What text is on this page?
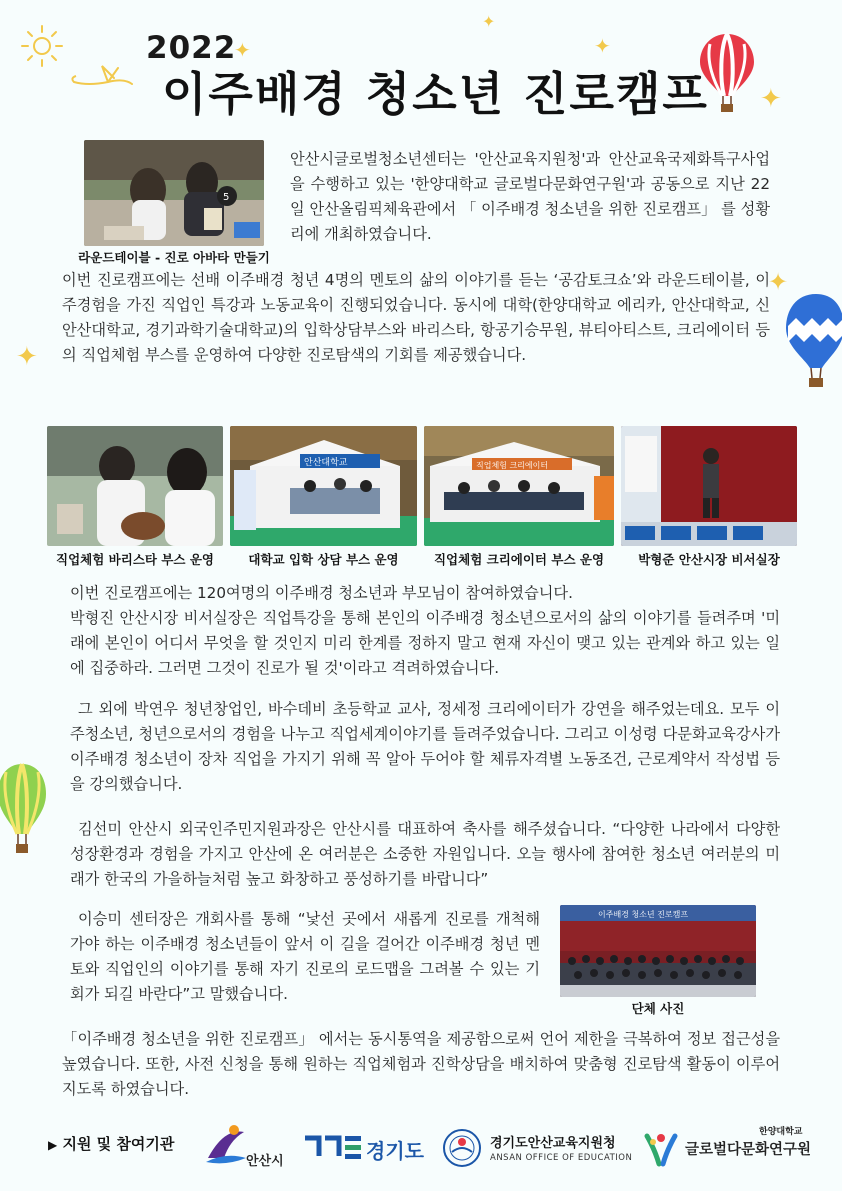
✦
✦
✦
✦
✦
✦
2022
이주배경 청소년 진로캠프
5
라운드테이블 - 진로 아바타 만들기
안산시글로벌청소년센터는 '안산교육지원청'과 안산교육국제화특구사업을 수행하고 있는 '한양대학교 글로벌다문화연구원'과 공동으로 지난 22일 안산올림픽체육관에서 「 이주배경 청소년을 위한 진로캠프」 를 성황리에 개최하였습니다.
이번 진로캠프에는 선배 이주배경 청년 4명의 멘토의 삶의 이야기를 듣는 ‘공감토크쇼’와 라운드테이블, 이주경험을 가진 직업인 특강과 노동교육이 진행되었습니다. 동시에 대학(한양대학교 에리카, 안산대학교, 신안산대학교, 경기과학기술대학교)의 입학상담부스와 바리스타, 항공기승무원, 뷰티아티스트, 크리에이터 등의 직업체험 부스를 운영하여 다양한 진로탐색의 기회를 제공했습니다.
안산대학교	직업체험 크리에이터
직업체험 바리스타 부스 운영	대학교 입학 상담 부스 운영	직업체험 크리에이터 부스 운영	박형준 안산시장 비서실장
이번 진로캠프에는 120여명의 이주배경 청소년과 부모님이 참여하였습니다.
박형진 안산시장 비서실장은 직업특강을 통해 본인의 이주배경 청소년으로서의 삶의 이야기를 들려주며 '미래에 본인이 어디서 무엇을 할 것인지 미리 한계를 정하지 말고 현재 자신이 맺고 있는 관계와 하고 있는 일에 집중하라. 그러면 그것이 진로가 될 것'이라고 격려하였습니다.
그 외에 박연우 청년창업인, 바수데비 초등학교 교사, 정세정 크리에이터가 강연을 해주었는데요. 모두 이주청소년, 청년으로서의 경험을 나누고 직업세계이야기를 들려주었습니다. 그리고 이성령 다문화교육강사가 이주배경 청소년이 장차 직업을 가지기 위해 꼭 알아 두어야 할 체류자격별 노동조건, 근로계약서 작성법 등을 강의했습니다.
김선미 안산시 외국인주민지원과장은 안산시를 대표하여 축사를 해주셨습니다. “다양한 나라에서 다양한 성장환경과 경험을 가지고 안산에 온 여러분은 소중한 자원입니다. 오늘 행사에 참여한 청소년 여러분의 미래가 한국의 가을하늘처럼 높고 화창하고 풍성하기를 바랍니다”
이승미 센터장은 개회사를 통해 “낯선 곳에서 새롭게 진로를 개척해 가야 하는 이주배경 청소년들이 앞서 이 길을 걸어간 이주배경 청년 멘토와 직업인의 이야기를 통해 자기 진로의 로드맵을 그려볼 수 있는 기회가 되길 바란다”고 말했습니다.
이주배경 청소년 진로캠프
단체 사진
「이주배경 청소년을 위한 진로캠프」 에서는 동시통역을 제공함으로써 언어 제한을 극복하여 정보 접근성을 높였습니다. 또한, 사전 신청을 통해 원하는 직업체험과 진학상담을 배치하여 맞춤형 진로탐색 활동이 이루어지도록 하였습니다.
▶ 지원 및 참여기관
안산시	경기도	경기도안산교육지원청
ANSAN OFFICE OF EDUCATION
한양대학교
글로벌다문화연구원
